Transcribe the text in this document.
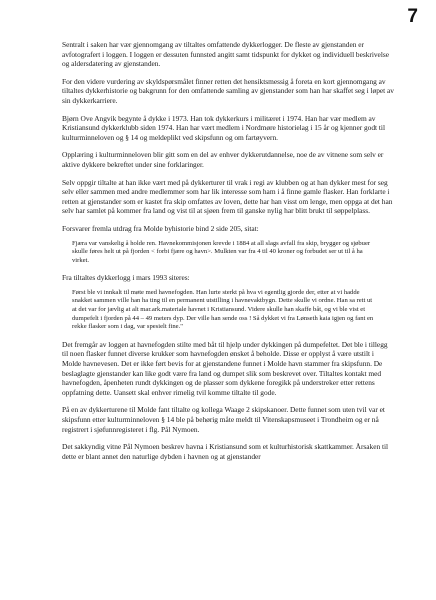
7

Sentralt i saken har vær gjennomgang av tiltaltes omfattende dykkerlogger. De fleste av gjenstanden er avfotografert i loggen. I loggen er dessuten funnsted angitt samt tidspunkt for dykket og individuell beskrivelse og aldersdatering av gjenstanden.

For den videre vurdering av skyldspørsmålet finner retten det hensiktsmessig å foreta en kort gjennomgang av tiltaltes dykkerhistorie og bakgrunn for den omfattende samling av gjenstander som han har skaffet seg i løpet av sin dykkerkarriere.

Bjørn Ove Angvik begynte å dykke i 1973. Han tok dykkerkurs i militæret i 1974. Han har vær medlem av Kristiansund dykkerklubb siden 1974. Han har vært medlem i Nordmøre historielag i 15 år og kjenner godt til kulturminneloven og § 14 og meldeplikt ved skipsfunn og om fartøyvern.

Opplæring i kulturminneloven blir gitt som en del av enhver dykkerutdannelse, noe de av vitnene som selv er aktive dykkere bekreftet under sine forklaringer.

Selv oppgir tiltalte at han ikke vært med på dykkerturer til vrak i regi av klubben og at han dykker mest for seg selv eller sammen med andre medlemmer som har lik interesse som ham i å finne gamle flasker. Han forklarte i retten at gjenstander som er kastet fra skip omfattes av loven, dette har han visst om lenge, men oppga at det han selv har samlet på kommer fra land og vist til at sjøen frem til ganske nylig har blitt brukt til søppelplass.

Forsvarer fremla utdrag fra Molde byhistorie bind 2 side 205, sitat:

Fjæra var vanskelig å holde ren. Havnekommisjonen krevde i 1884 at all slags avfall fra skip, brygger og sjøbuer skulle føres helt ut på fjorden < forbi fjære og havn>. Mulkten var fra 4 til 40 kroner og forbudet ser ut til å ha virket.

Fra tiltaltes dykkerlogg i mars 1993 siteres:

Først ble vi innkalt til møte med havnefogden. Han lurte sterkt på hva vi egentlig gjorde der, etter at vi hadde snakket sammen ville han ha ting til en permanent utstilling i havnevaktbygn. Dette skulle vi ordne. Han sa rett ut at det var for jævlig at alt mar.ark.materiale havnet i Kristiansund. Videre skulle han skaffe båt, og vi ble vist et dumpefelt i fjorden på 44 – 49 meters dyp. Der ville han sende oss ! Så dykket vi fra Lønseth kaia igjen og fant en rekke flasker som i dag, var spesielt fine."

Det fremgår av loggen at havnefogden stilte med båt til hjelp under dykkingen på dumpefeltet. Det ble i tillegg til noen flasker funnet diverse krukker som havnefogden ønsket å beholde. Disse er opplyst å være utstilt i Molde havnevesen. Det er ikke ført bevis for at gjenstandene funnet i Molde havn stammer fra skipsfunn. De beslaglagte gjenstander kan like godt være fra land og dumpet slik som beskrevet over. Tiltaltes kontakt med havnefogden, åpenheten rundt dykkingen og de plasser som dykkene foregikk på understreker etter rettens oppfatning dette. Uansett skal enhver rimelig tvil komme tiltalte til gode.

På en av dykkerturene til Molde fant tiltalte og kollega Waage 2 skipskanoer. Dette funnet som uten tvil var et skipsfunn etter kulturminneloven § 14 ble på behørig måte meldt til Vitenskapsmuseet i Trondheim og er nå registrert i sjøfunnregisteret i flg. Pål Nymoen.

Det sakkyndig vitne Pål Nymoen beskrev havna i Kristiansund som et kulturhistorisk skattkammer. Årsaken til dette er blant annet den naturlige dybden i havnen og at gjenstander
